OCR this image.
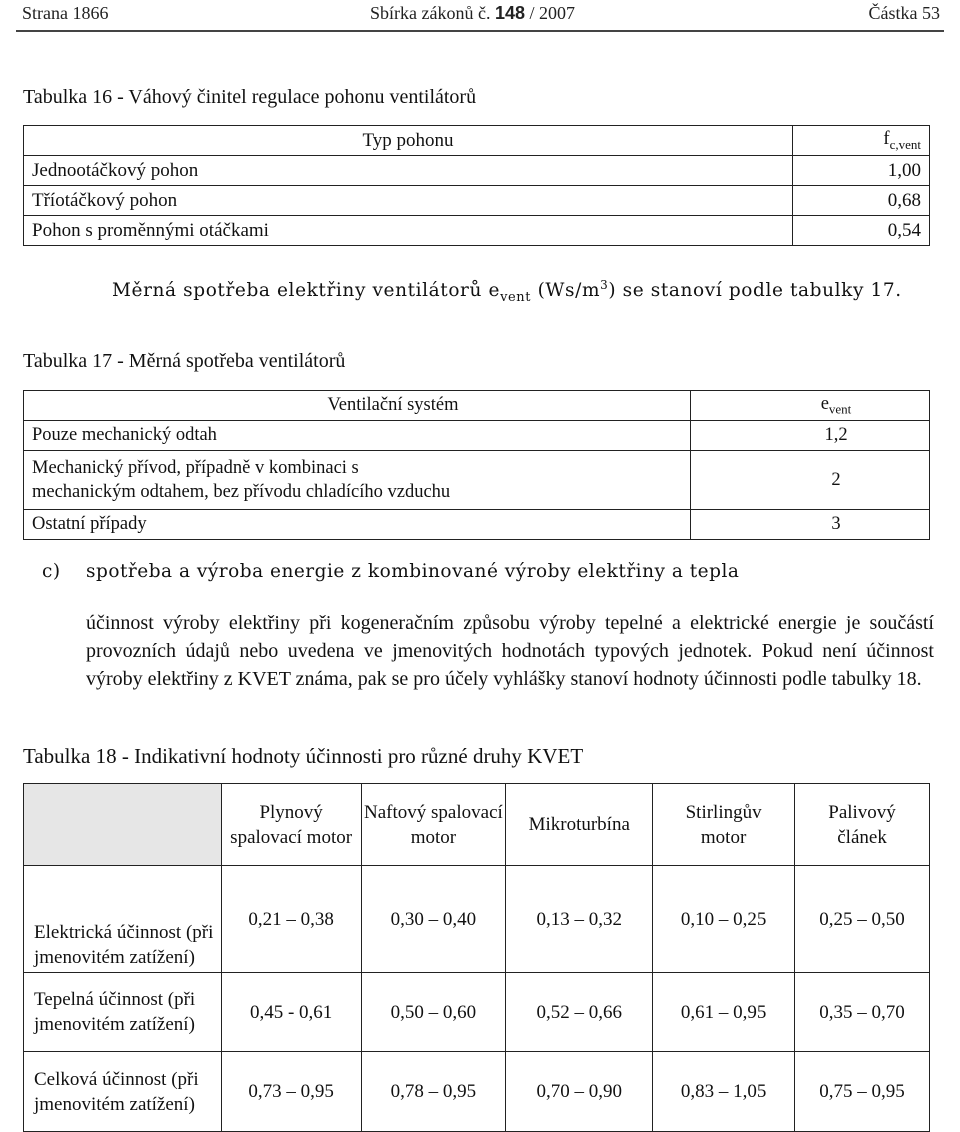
Strana 1866	Sbírka zákonů č. 148 / 2007	Částka 53
Tabulka 16 - Váhový činitel regulace pohonu ventilátorů
Typ pohonu	$f_{c,vent}$
Jednootáčkový pohon	1,00
Tříotáčkový pohon	0,68
Pohon s proměnnými otáčkami	0,54
Měrná spotřeba elektřiny ventilátorů $e_{vent}$ $(Ws/m^3)$ se stanoví podle tabulky 17.
Tabulka 17 - Měrná spotřeba ventilátorů
Ventilační systém	$e_{vent}$
Pouze mechanický odtah	1,2
Mechanický přívod, případně v kombinaci s mechanickým odtahem, bez přívodu chladícího vzduchu	2
Ostatní případy	3
c) spotřeba a výroba energie z kombinované výroby elektřiny a tepla
účinnost výroby elektřiny při kogeneračním způsobu výroby tepelné a elektrické energie je součástí provozních údajů nebo uvedena ve jmenovitých hodnotách typových jednotek. Pokud není účinnost výroby elektřiny z KVET známa, pak se pro účely vyhlášky stanoví hodnoty účinnosti podle tabulky 18.
Tabulka 18 - Indikativní hodnoty účinnosti pro různé druhy KVET
	Plynový spalovací motor	Naftový spalovací motor	Mikroturbína	Stirlingův motor	Palivový článek
Elektrická účinnost (při jmenovitém zatížení)	0,21 – 0,38	0,30 – 0,40	0,13 – 0,32	0,10 – 0,25	0,25 – 0,50
Tepelná účinnost (při jmenovitém zatížení)	0,45 - 0,61	0,50 – 0,60	0,52 – 0,66	0,61 – 0,95	0,35 – 0,70
Celková účinnost (při jmenovitém zatížení)	0,73 – 0,95	0,78 – 0,95	0,70 – 0,90	0,83 – 1,05	0,75 – 0,95
